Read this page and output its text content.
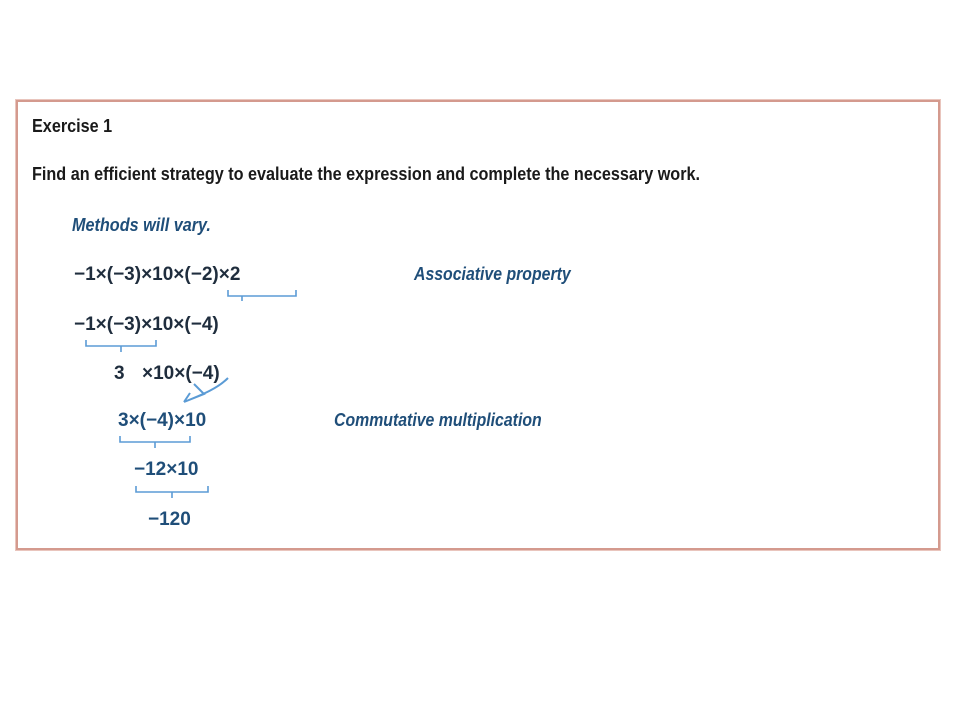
Exercise 1
Find an efficient strategy to evaluate the expression and complete the necessary work.
Methods will vary.
−1×(−3)×10×(−2)×2	Associative property
−1×(−3)×10×(−4)
3 ×10×(−4)
3×(−4)×10	Commutative multiplication
−12×10
−120
